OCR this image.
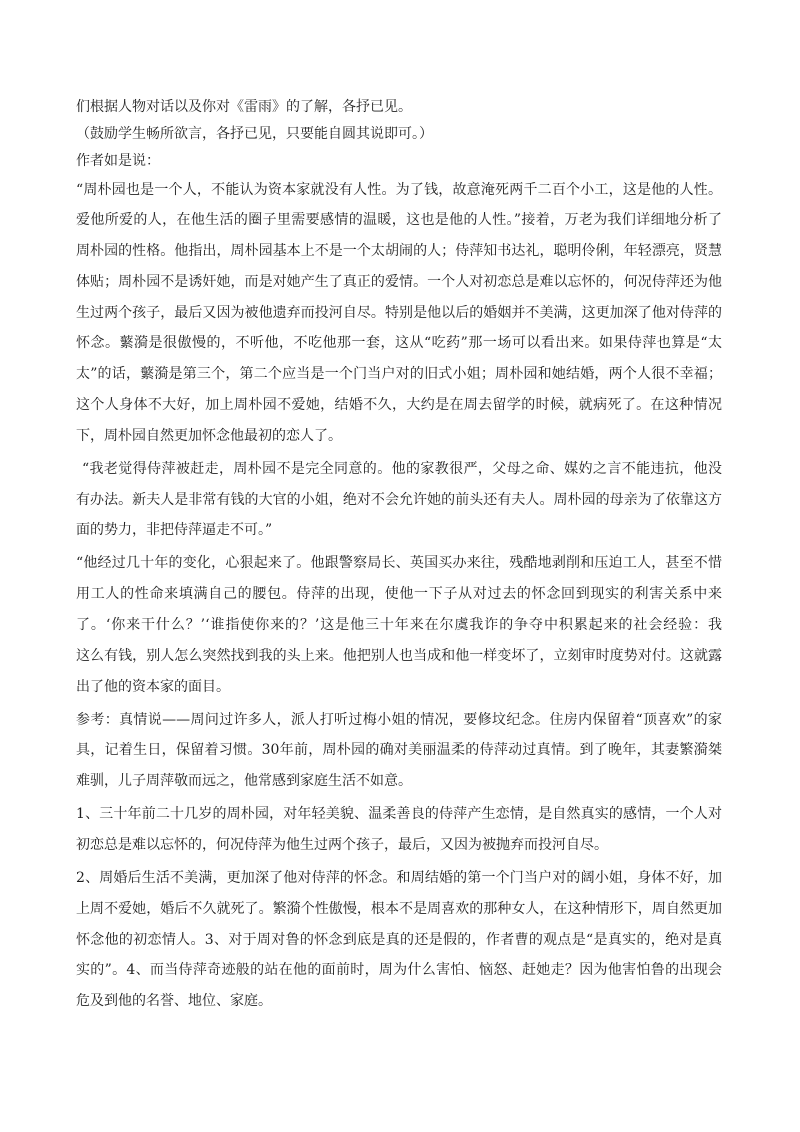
们根据人物对话以及你对《雷雨》的了解，各抒已见。
（鼓励学生畅所欲言，各抒已见，只要能自圆其说即可。）
作者如是说：
“周朴园也是一个人，不能认为资本家就没有人性。为了钱，故意淹死两千二百个小工，这是他的人性。
爱他所爱的人，在他生活的圈子里需要感情的温暖，这也是他的人性。”接着，万老为我们详细地分析了
周朴园的性格。他指出，周朴园基本上不是一个太胡闹的人；侍萍知书达礼，聪明伶俐，年轻漂亮，贤慧
体贴；周朴园不是诱奸她，而是对她产生了真正的爱情。一个人对初恋总是难以忘怀的，何况侍萍还为他
生过两个孩子，最后又因为被他遗弃而投河自尽。特别是他以后的婚姻并不美满，这更加深了他对侍萍的
怀念。蘩漪是很傲慢的，不听他，不吃他那一套，这从“吃药”那一场可以看出来。如果侍萍也算是“太
太”的话，蘩漪是第三个，第二个应当是一个门当户对的旧式小姐；周朴园和她结婚，两个人很不幸福；
这个人身体不大好，加上周朴园不爱她，结婚不久，大约是在周去留学的时候，就病死了。在这种情况
下，周朴园自然更加怀念他最初的恋人了。
“我老觉得侍萍被赶走，周朴园不是完全同意的。他的家教很严，父母之命、媒妁之言不能违抗，他没
有办法。新夫人是非常有钱的大官的小姐，绝对不会允许她的前头还有夫人。周朴园的母亲为了依靠这方
面的势力，非把侍萍逼走不可。”
“他经过几十年的变化，心狠起来了。他跟警察局长、英国买办来往，残酷地剥削和压迫工人，甚至不惜
用工人的性命来填满自己的腰包。侍萍的出现，使他一下子从对过去的怀念回到现实的利害关系中来
了。‘你来干什么？’‘谁指使你来的？’这是他三十年来在尔虞我诈的争夺中积累起来的社会经验：我
这么有钱，别人怎么突然找到我的头上来。他把别人也当成和他一样变坏了，立刻审时度势对付。这就露
出了他的资本家的面目。
参考：真情说——周问过许多人，派人打听过梅小姐的情况，要修坟纪念。住房内保留着“顶喜欢”的家
具，记着生日，保留着习惯。30年前，周朴园的确对美丽温柔的侍萍动过真情。到了晚年，其妻繁漪桀
难驯，儿子周萍敬而远之，他常感到家庭生活不如意。
1、三十年前二十几岁的周朴园，对年轻美貌、温柔善良的侍萍产生恋情，是自然真实的感情，一个人对
初恋总是难以忘怀的，何况侍萍为他生过两个孩子，最后，又因为被抛弃而投河自尽。
2、周婚后生活不美满，更加深了他对侍萍的怀念。和周结婚的第一个门当户对的阔小姐，身体不好，加
上周不爱她，婚后不久就死了。繁漪个性傲慢，根本不是周喜欢的那种女人，在这种情形下，周自然更加
怀念他的初恋情人。3、对于周对鲁的怀念到底是真的还是假的，作者曹的观点是“是真实的，绝对是真
实的”。4、而当侍萍奇迹般的站在他的面前时，周为什么害怕、恼怒、赶她走？因为他害怕鲁的出现会
危及到他的名誉、地位、家庭。
